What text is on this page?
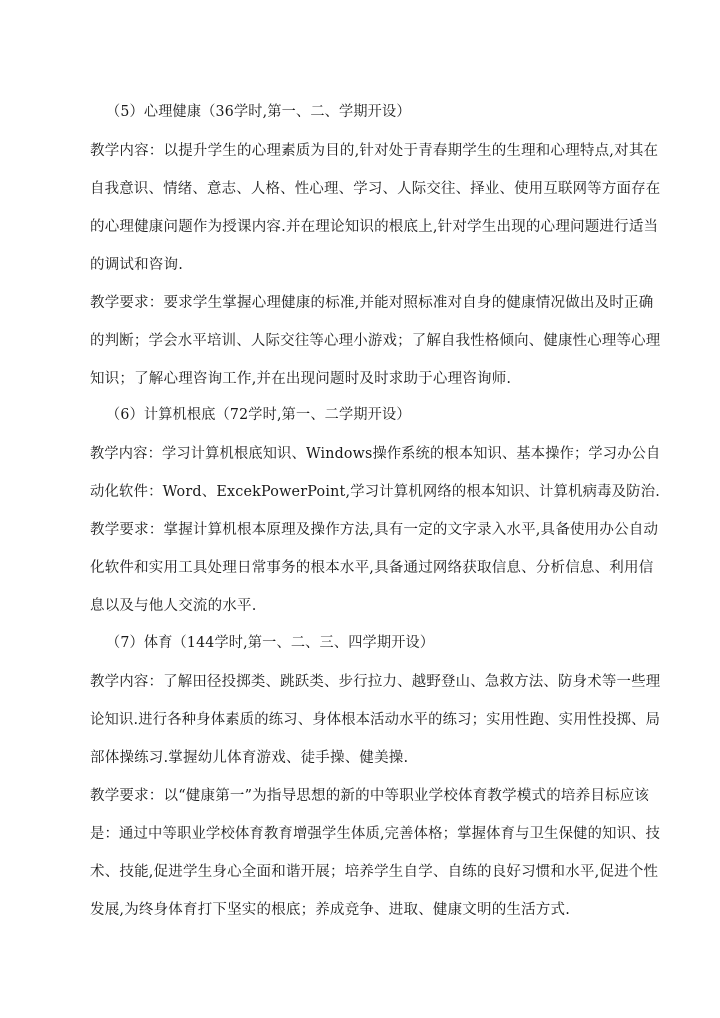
（5）心理健康（36学时,第一、二、学期开设）
教学内容：以提升学生的心理素质为目的,针对处于青春期学生的生理和心理特点,对其在
自我意识、情绪、意志、人格、性心理、学习、人际交往、择业、使用互联网等方面存在
的心理健康问题作为授课内容.并在理论知识的根底上,针对学生出现的心理问题进行适当
的调试和咨询.
教学要求：要求学生掌握心理健康的标准,并能对照标准对自身的健康情况做出及时正确
的判断；学会水平培训、人际交往等心理小游戏；了解自我性格倾向、健康性心理等心理
知识；了解心理咨询工作,并在出现问题时及时求助于心理咨询师.
（6）计算机根底（72学时,第一、二学期开设）
教学内容：学习计算机根底知识、Windows操作系统的根本知识、基本操作；学习办公自
动化软件：Word、ExcekPowerPoint,学习计算机网络的根本知识、计算机病毒及防治.
教学要求：掌握计算机根本原理及操作方法,具有一定的文字录入水平,具备使用办公自动
化软件和实用工具处理日常事务的根本水平,具备通过网络获取信息、分析信息、利用信
息以及与他人交流的水平.
（7）体育（144学时,第一、二、三、四学期开设）
教学内容：了解田径投掷类、跳跃类、步行拉力、越野登山、急救方法、防身术等一些理
论知识.进行各种身体素质的练习、身体根本活动水平的练习；实用性跑、实用性投掷、局
部体操练习.掌握幼儿体育游戏、徒手操、健美操.
教学要求：以“健康第一”为指导思想的新的中等职业学校体育教学模式的培养目标应该
是：通过中等职业学校体育教育增强学生体质,完善体格；掌握体育与卫生保健的知识、技
术、技能,促进学生身心全面和谐开展；培养学生自学、自练的良好习惯和水平,促进个性
发展,为终身体育打下坚实的根底；养成竞争、进取、健康文明的生活方式.
